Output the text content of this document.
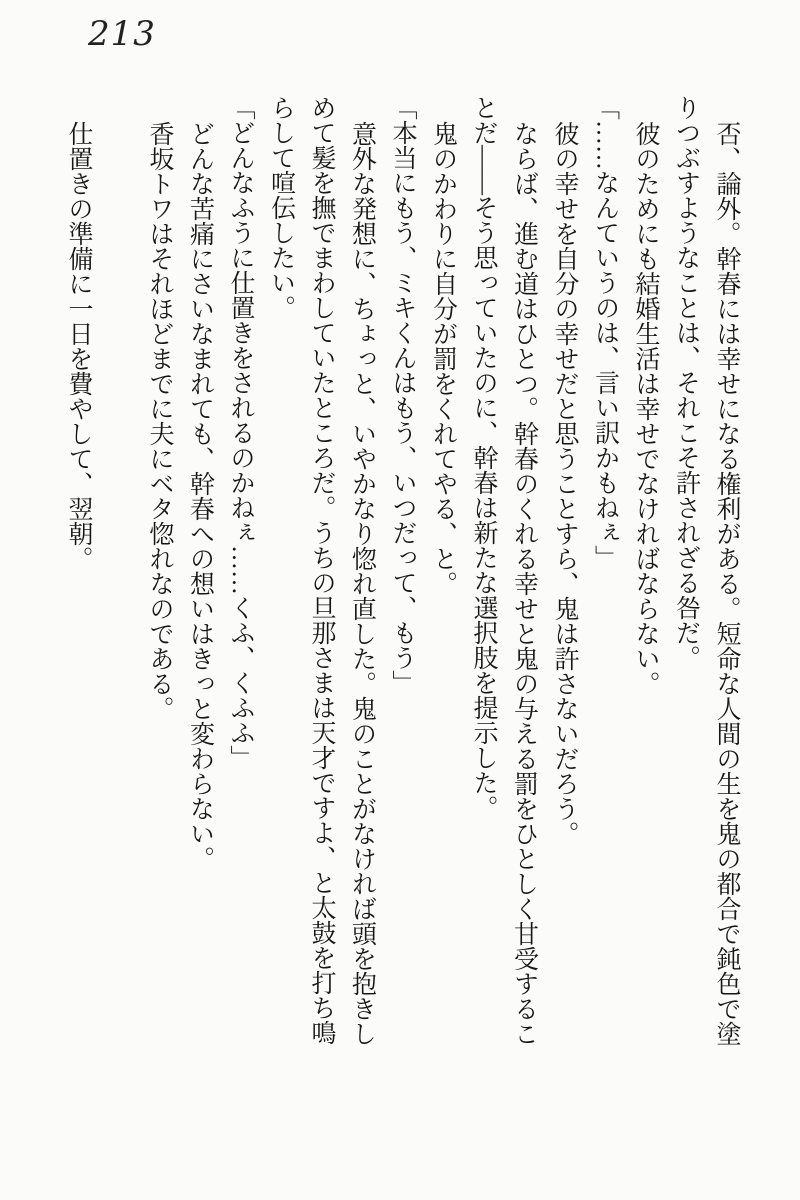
213
否、論外。幹春には幸せになる権利がある。短命な人間の生を鬼の都合で鈍色で塗
りつぶすようなことは、それこそ許されざる咎だ。
彼のためにも結婚生活は幸せでなければならない。
「……なんていうのは、言い訳かもねぇ」
彼の幸せを自分の幸せだと思うことすら、鬼は許さないだろう。
ならば、進む道はひとつ。幹春のくれる幸せと鬼の与える罰をひとしく甘受するこ
とだ――そう思っていたのに、幹春は新たな選択肢を提示した。
鬼のかわりに自分が罰をくれてやる、と。
「本当にもう、ミキくんはもう、いつだって、もう」
意外な発想に、ちょっと、いやかなり惚れ直した。鬼のことがなければ頭を抱きし
めて髪を撫でまわしていたところだ。うちの旦那さまは天才ですよ、と太鼓を打ち鳴
らして喧伝したい。
「どんなふうに仕置きをされるのかねぇ……くふ、くふふ」
どんな苦痛にさいなまれても、幹春への想いはきっと変わらない。
香坂トワはそれほどまでに夫にベタ惚れなのである。
仕置きの準備に一日を費やして、翌朝。
